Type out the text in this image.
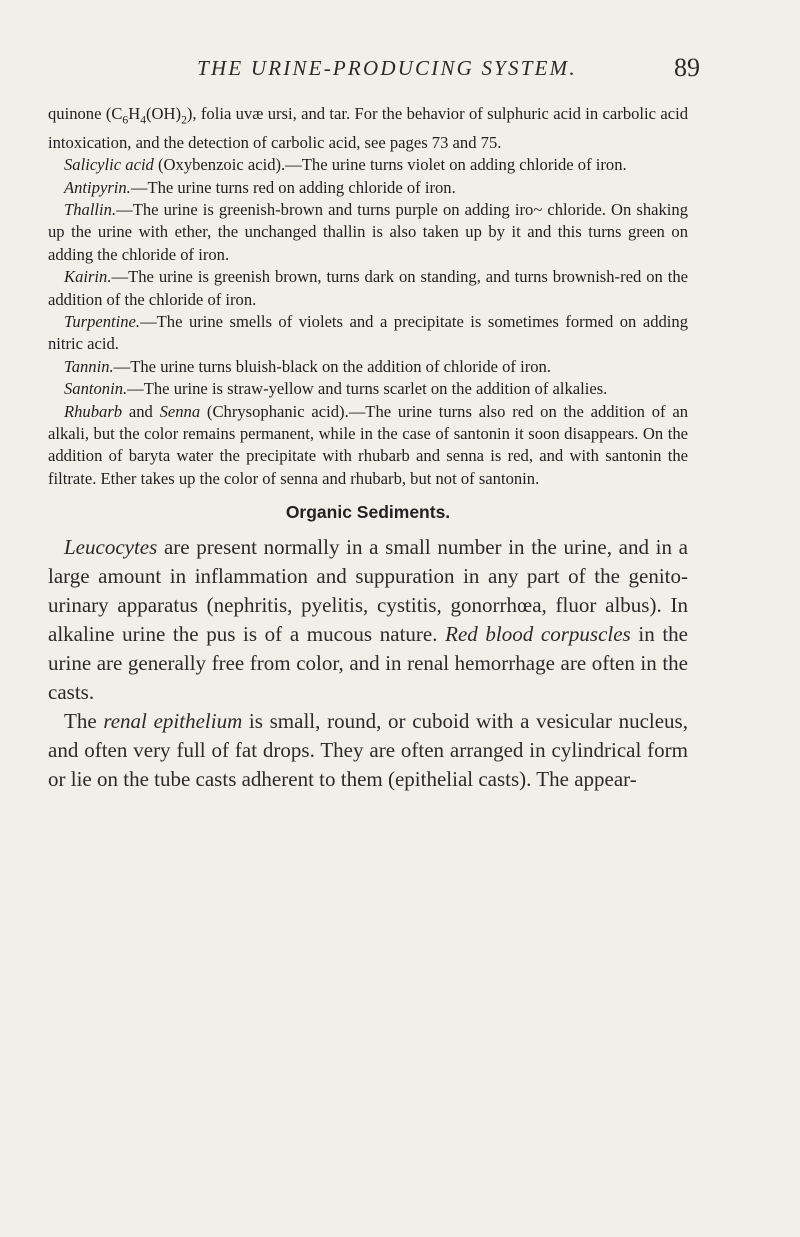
THE URINE-PRODUCING SYSTEM.	89

quinone $(C_6H_4(OH)_2)$, folia uvæ ursi, and tar. For the behavior of sulphuric acid in carbolic acid intoxication, and the detection of carbolic acid, see pages 73 and 75.

Salicylic acid (Oxybenzoic acid).—The urine turns violet on adding chloride of iron.

Antipyrin.—The urine turns red on adding chloride of iron.

Thallin.—The urine is greenish-brown and turns purple on adding iro~ chloride. On shaking up the urine with ether, the unchanged thallin is also taken up by it and this turns green on adding the chloride of iron.

Kairin.—The urine is greenish brown, turns dark on standing, and turns brownish-red on the addition of the chloride of iron.

Turpentine.—The urine smells of violets and a precipitate is sometimes formed on adding nitric acid.

Tannin.—The urine turns bluish-black on the addition of chloride of iron.

Santonin.—The urine is straw-yellow and turns scarlet on the addition of alkalies.

Rhubarb and Senna (Chrysophanic acid).—The urine turns also red on the addition of an alkali, but the color remains permanent, while in the case of santonin it soon disappears. On the addition of baryta water the precipitate with rhubarb and senna is red, and with santonin the filtrate. Ether takes up the color of senna and rhubarb, but not of santonin.

Organic Sediments.

Leucocytes are present normally in a small number in the urine, and in a large amount in inflammation and suppuration in any part of the genito-urinary apparatus (nephritis, pyelitis, cystitis, gonorrhœa, fluor albus). In alkaline urine the pus is of a mucous nature. Red blood corpuscles in the urine are generally free from color, and in renal hemorrhage are often in the casts.

The renal epithelium is small, round, or cuboid with a vesicular nucleus, and often very full of fat drops. They are often arranged in cylindrical form or lie on the tube casts adherent to them (epithelial casts). The appear-
